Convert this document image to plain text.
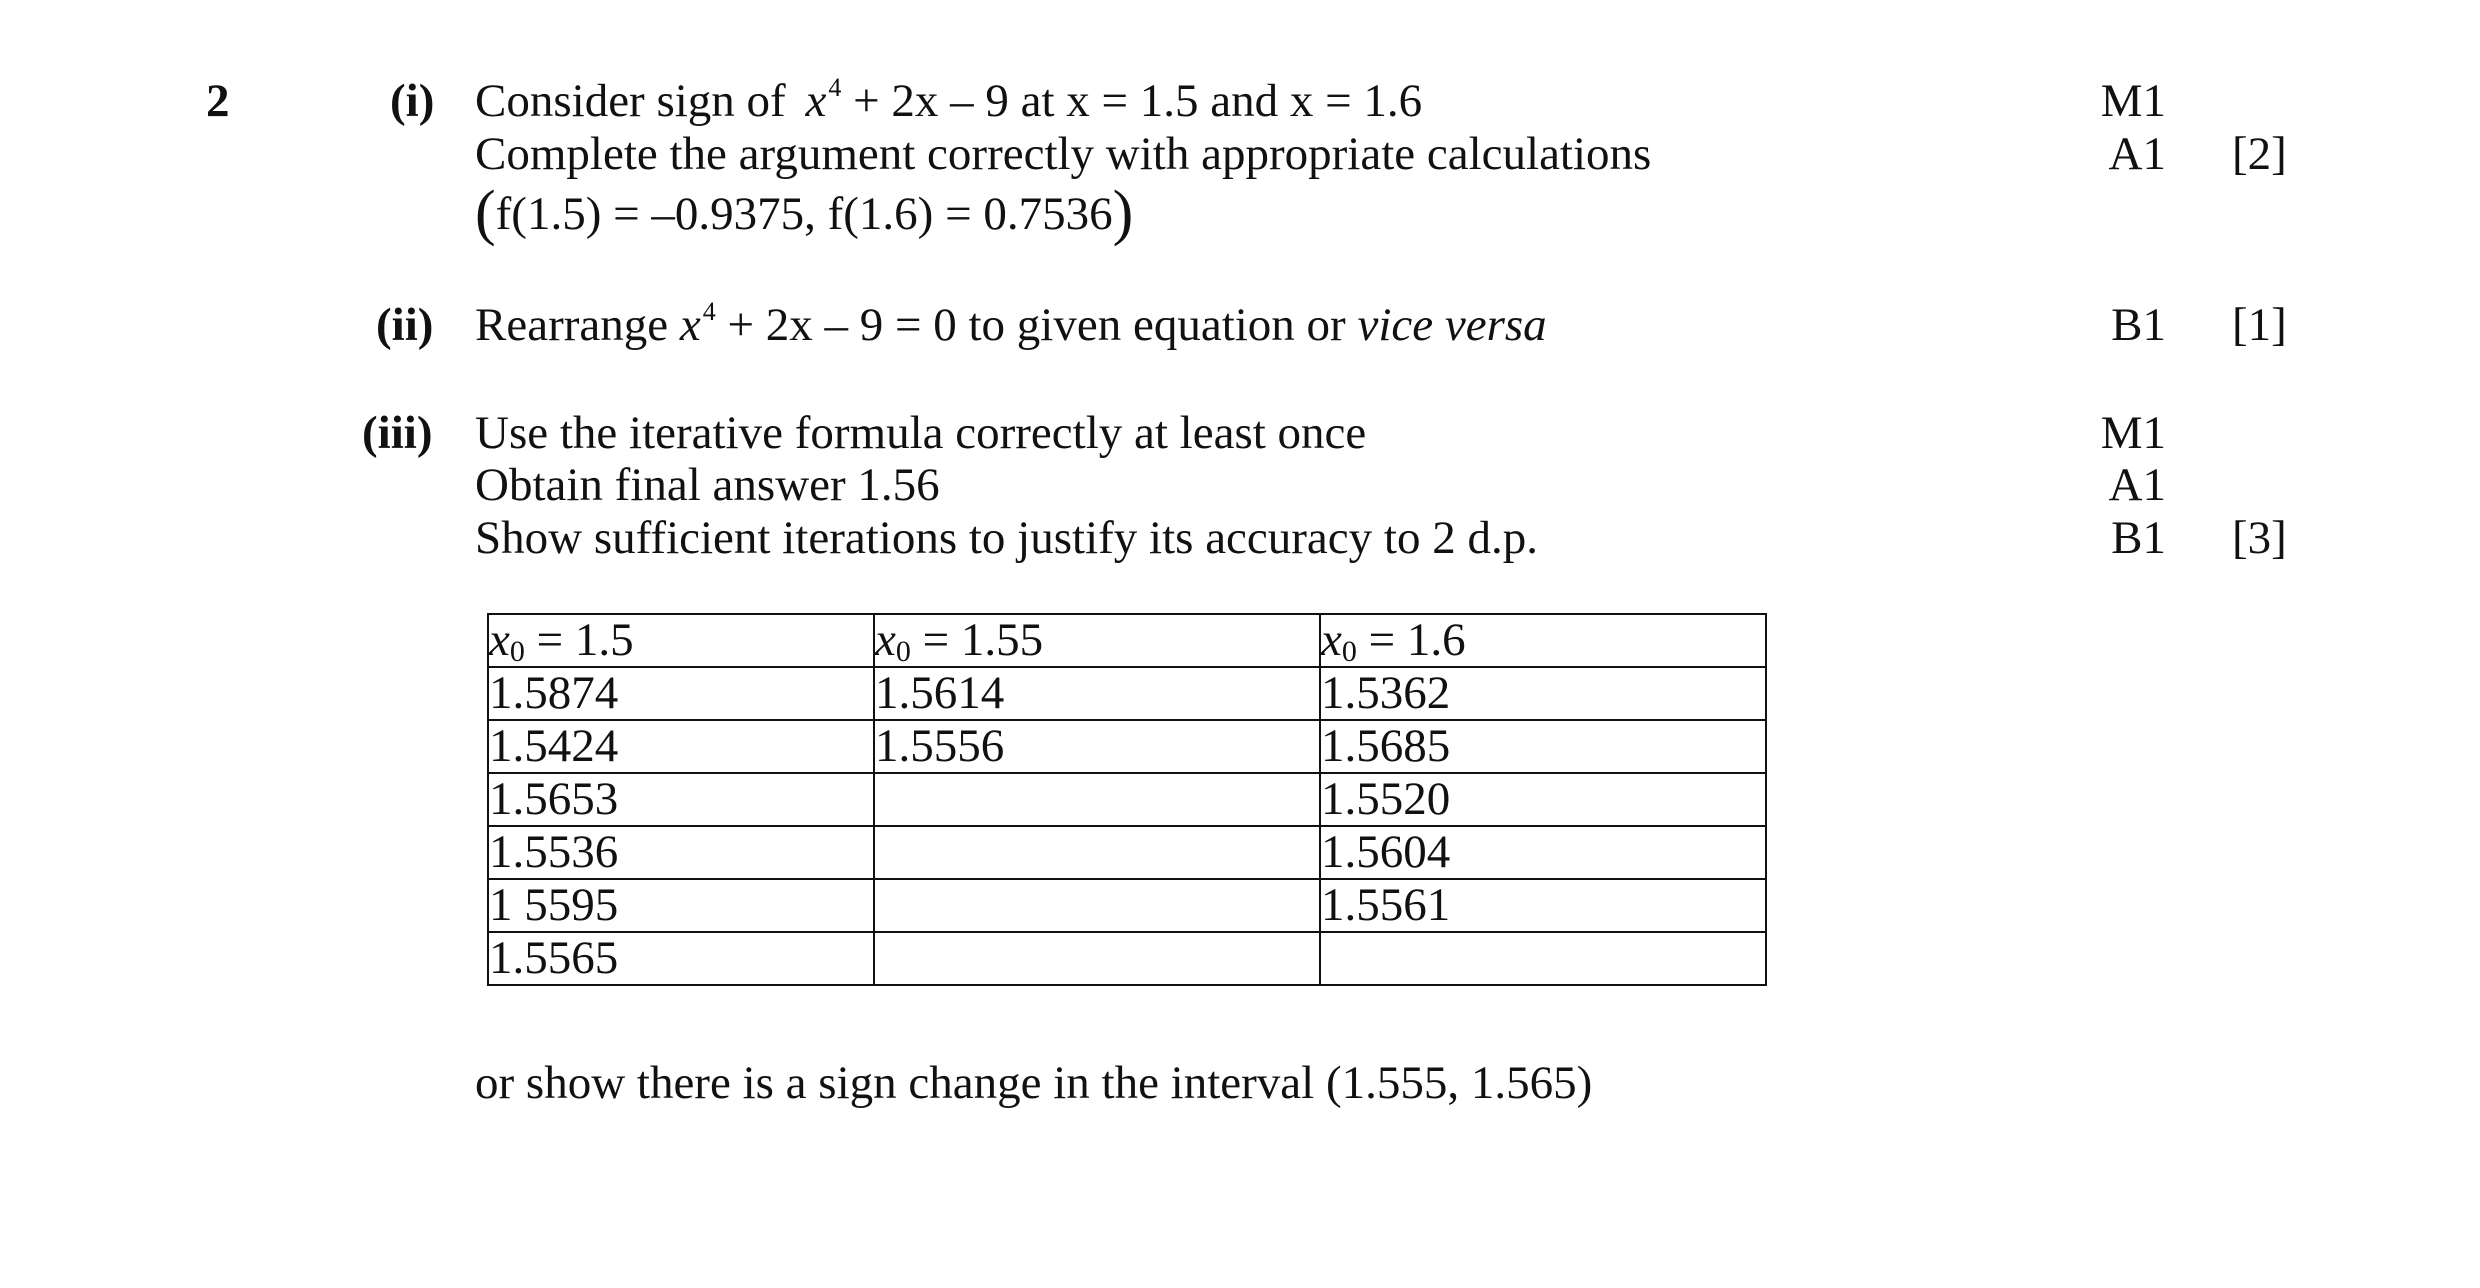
2	(i) Consider sign of $x^4 + 2x - 9$ at x = 1.5 and x = 1.6
Complete the argument correctly with appropriate calculations
(f(1.5) = –0.9375, f(1.6) = 0.7536)
M1
A1 [2]
(ii) Rearrange $x^4 + 2x - 9 = 0$ to given equation or vice versa	B1 [1]
(iii) Use the iterative formula correctly at least once
Obtain final answer 1.56
Show sufficient iterations to justify its accuracy to 2 d.p.
M1
A1
B1 [3]
$x_0 = 1.5$	$x_0 = 1.55$	$x_0 = 1.6$
1.5874	1.5614	1.5362
1.5424	1.5556	1.5685
1.5653		1.5520
1.5536		1.5604
1 5595		1.5561
1.5565		
or show there is a sign change in the interval (1.555, 1.565)
